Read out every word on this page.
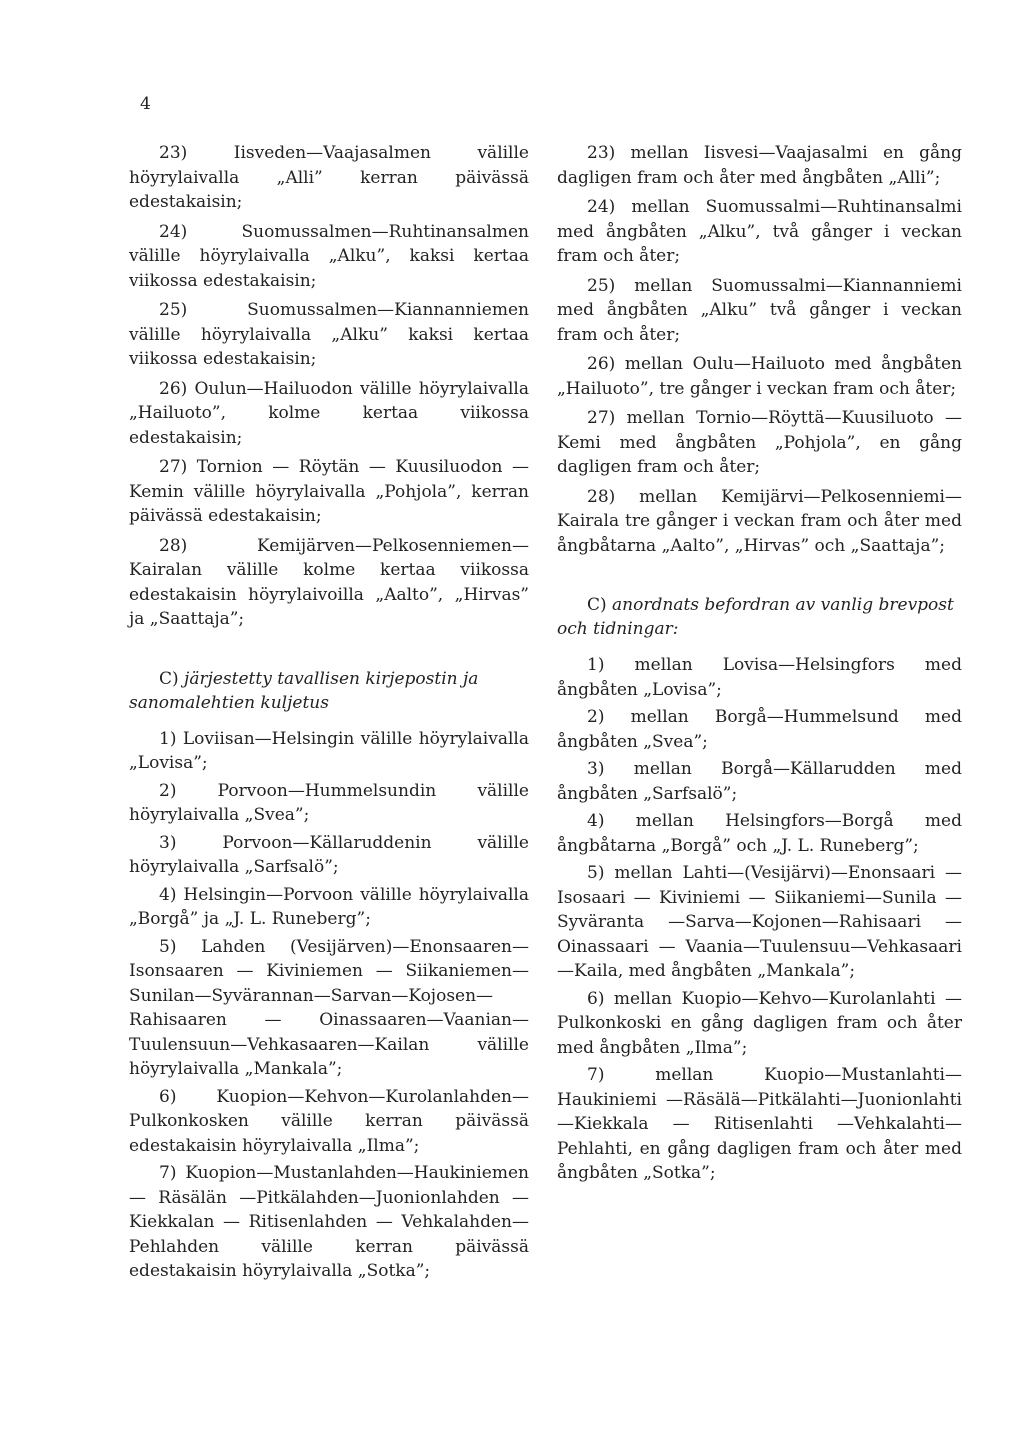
4

23) Iisveden—Vaajasalmen välille höyrylaivalla „Alli” kerran päivässä edestakaisin;

24) Suomussalmen—Ruhtinansalmen välille höyrylaivalla „Alku”, kaksi kertaa viikossa edestakaisin;

25) Suomussalmen—Kiannanniemen välille höyrylaivalla „Alku” kaksi kertaa viikossa edestakaisin;

26) Oulun—Hailuodon välille höyrylaivalla „Hailuoto”, kolme kertaa viikossa edestakaisin;

27) Tornion — Röytän — Kuusiluodon — Kemin välille höyrylaivalla „Pohjola”, kerran päivässä edestakaisin;

28) Kemijärven—Pelkosenniemen—Kairalan välille kolme kertaa viikossa edestakaisin höyrylaivoilla „Aalto”, „Hirvas” ja „Saattaja”;

C) järjestetty tavallisen kirjepostin ja sanomalehtien kuljetus

1) Loviisan—Helsingin välille höyrylaivalla „Lovisa”;

2) Porvoon—Hummelsundin välille höyrylaivalla „Svea”;

3) Porvoon—Källaruddenin välille höyrylaivalla „Sarfsalö”;

4) Helsingin—Porvoon välille höyrylaivalla „Borgå” ja „J. L. Runeberg”;

5) Lahden (Vesijärven)—Enonsaaren—Isonsaaren — Kiviniemen — Siikaniemen—Sunilan—Syvärannan—Sarvan—Kojosen—Rahisaaren — Oinassaaren—Vaanian—Tuulensuun—Vehkasaaren—Kailan välille höyrylaivalla „Mankala”;

6) Kuopion—Kehvon—Kurolanlahden—Pulkonkosken välille kerran päivässä edestakaisin höyrylaivalla „Ilma”;

7) Kuopion—Mustanlahden—Haukiniemen — Räsälän —Pitkälahden—Juonionlahden — Kiekkalan — Ritisenlahden — Vehkalahden—Pehlahden välille kerran päivässä edestakaisin höyrylaivalla „Sotka”;

23) mellan Iisvesi—Vaajasalmi en gång dagligen fram och åter med ångbåten „Alli”;

24) mellan Suomussalmi—Ruhtinansalmi med ångbåten „Alku”, två gånger i veckan fram och åter;

25) mellan Suomussalmi—Kiannanniemi med ångbåten „Alku” två gånger i veckan fram och åter;

26) mellan Oulu—Hailuoto med ångbåten „Hailuoto”, tre gånger i veckan fram och åter;

27) mellan Tornio—Röyttä—Kuusiluoto —Kemi med ångbåten „Pohjola”, en gång dagligen fram och åter;

28) mellan Kemijärvi—Pelkosenniemi—Kairala tre gånger i veckan fram och åter med ångbåtarna „Aalto”, „Hirvas” och „Saattaja”;

C) anordnats befordran av vanlig brevpost och tidningar:

1) mellan Lovisa—Helsingfors med ångbåten „Lovisa”;

2) mellan Borgå—Hummelsund med ångbåten „Svea”;

3) mellan Borgå—Källarudden med ångbåten „Sarfsalö”;

4) mellan Helsingfors—Borgå med ångbåtarna „Borgå” och „J. L. Runeberg”;

5) mellan Lahti—(Vesijärvi)—Enonsaari —Isosaari — Kiviniemi — Siikaniemi—Sunila — Syväranta —Sarva—Kojonen—Rahisaari — Oinassaari — Vaania—Tuulensuu—Vehkasaari—Kaila, med ångbåten „Mankala”;

6) mellan Kuopio—Kehvo—Kurolanlahti —Pulkonkoski en gång dagligen fram och åter med ångbåten „Ilma”;

7) mellan Kuopio—Mustanlahti—Haukiniemi —Räsälä—Pitkälahti—Juonionlahti—Kiekkala — Ritisenlahti —Vehkalahti—Pehlahti, en gång dagligen fram och åter med ångbåten „Sotka”;
